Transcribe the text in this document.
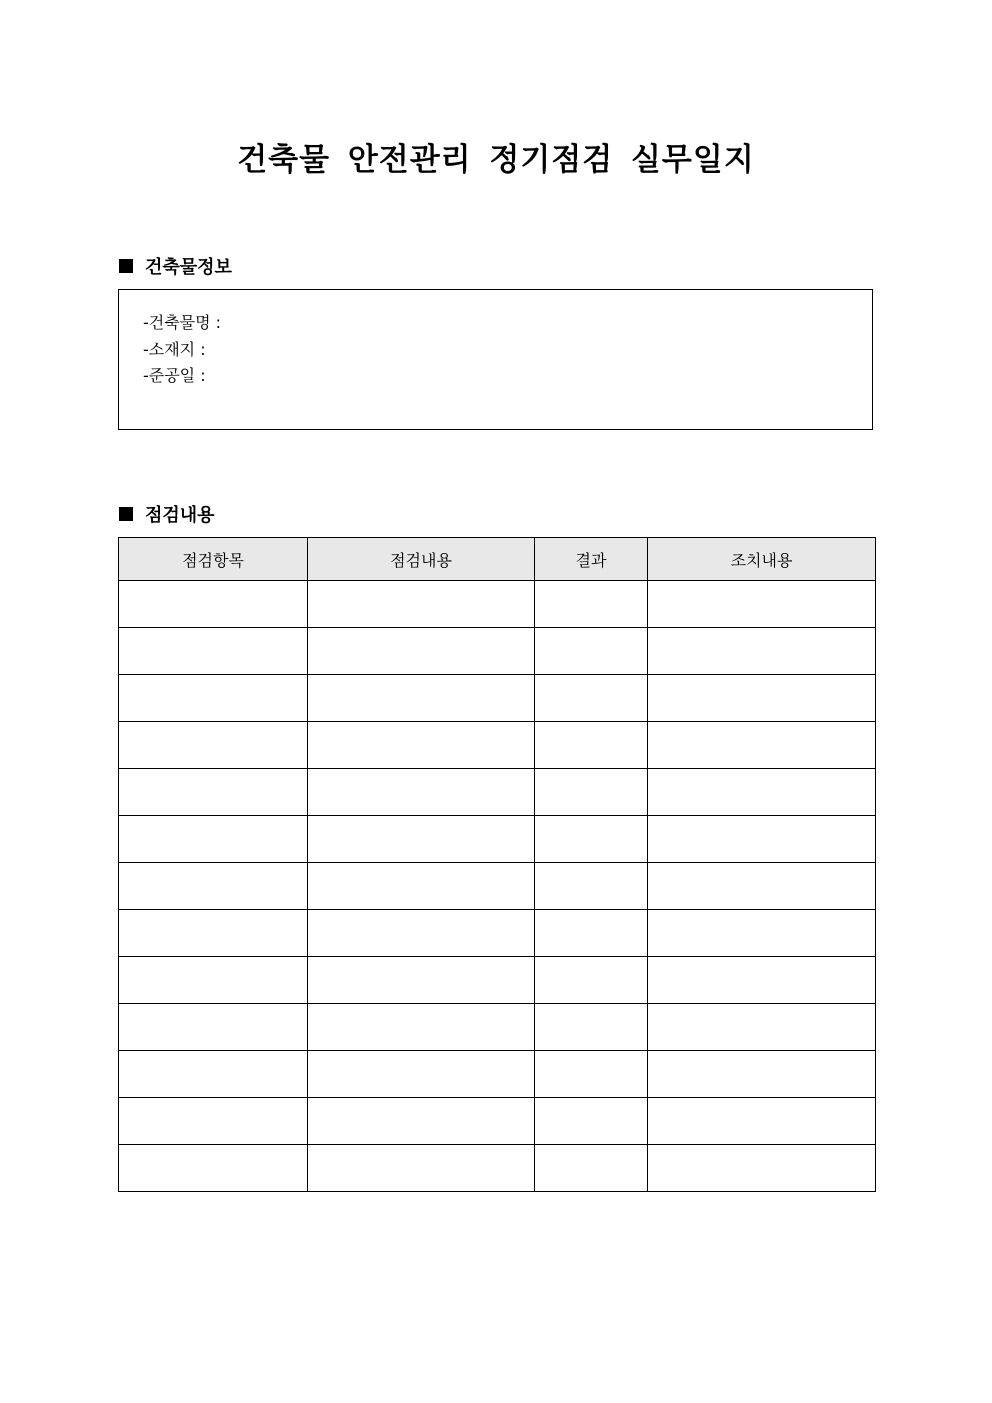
건축물 안전관리 정기점검 실무일지
건축물정보
-건축물명 :
-소재지 :
-준공일 :
점검내용
점검항목	점검내용	결과	조치내용
